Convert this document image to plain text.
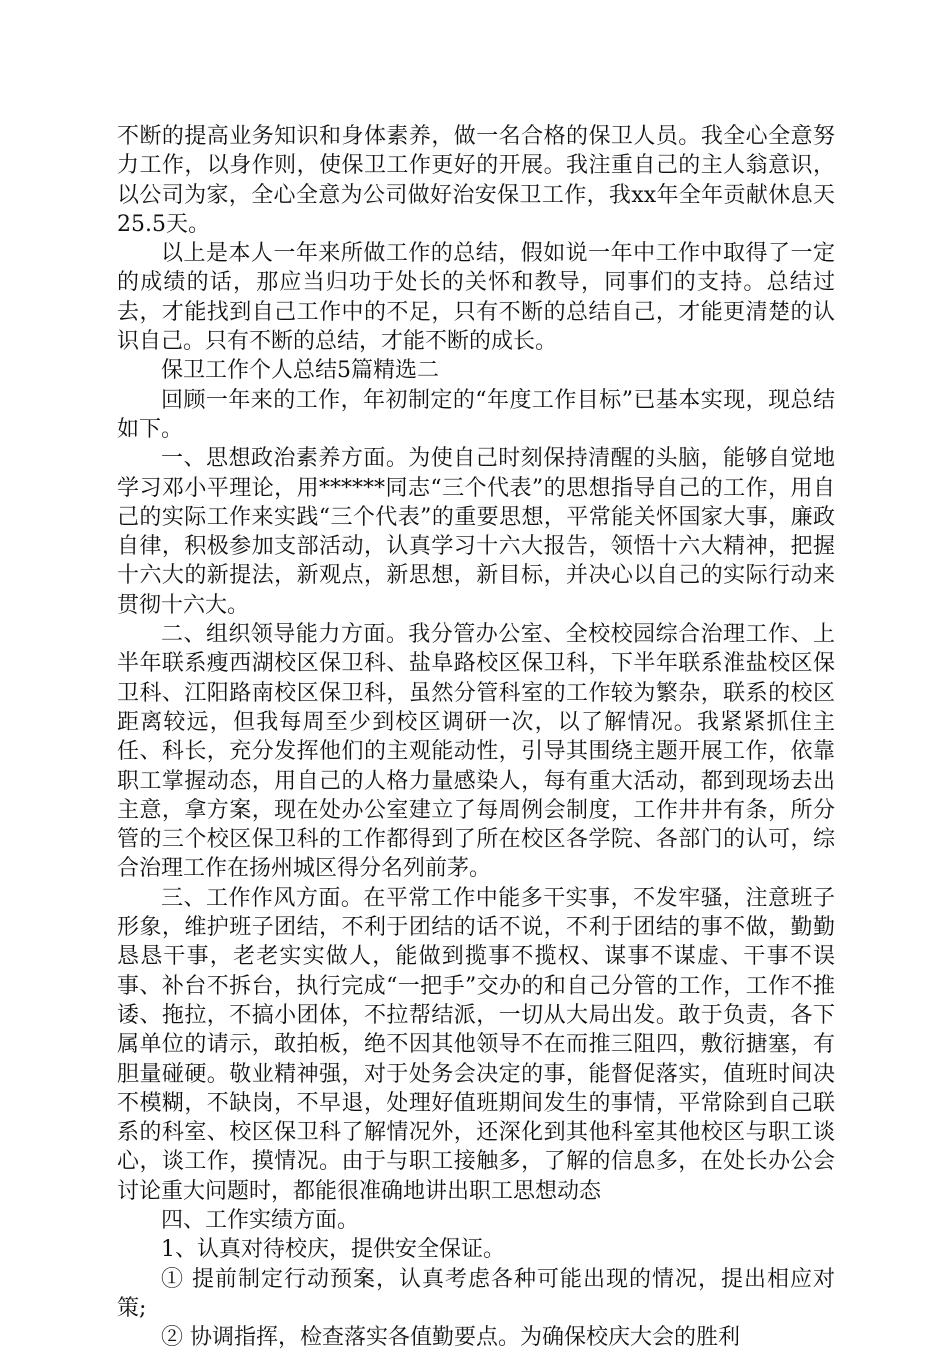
不断的提高业务知识和身体素养，做一名合格的保卫人员。我全心全意努力工作，以身作则，使保卫工作更好的开展。我注重自己的主人翁意识，以公司为家，全心全意为公司做好治安保卫工作，我xx年全年贡献休息天25.5天。

以上是本人一年来所做工作的总结，假如说一年中工作中取得了一定的成绩的话，那应当归功于处长的关怀和教导，同事们的支持。总结过去，才能找到自己工作中的不足，只有不断的总结自己，才能更清楚的认识自己。只有不断的总结，才能不断的成长。

保卫工作个人总结5篇精选二

回顾一年来的工作，年初制定的“年度工作目标”已基本实现，现总结如下。

一、思想政治素养方面。为使自己时刻保持清醒的头脑，能够自觉地学习邓小平理论，用******同志“三个代表”的思想指导自己的工作，用自己的实际工作来实践“三个代表”的重要思想，平常能关怀国家大事，廉政自律，积极参加支部活动，认真学习十六大报告，领悟十六大精神，把握十六大的新提法，新观点，新思想，新目标，并决心以自己的实际行动来贯彻十六大。

二、组织领导能力方面。我分管办公室、全校校园综合治理工作、上半年联系瘦西湖校区保卫科、盐阜路校区保卫科，下半年联系淮盐校区保卫科、江阳路南校区保卫科，虽然分管科室的工作较为繁杂，联系的校区距离较远，但我每周至少到校区调研一次，以了解情况。我紧紧抓住主任、科长，充分发挥他们的主观能动性，引导其围绕主题开展工作，依靠职工掌握动态，用自己的人格力量感染人，每有重大活动，都到现场去出主意，拿方案，现在处办公室建立了每周例会制度，工作井井有条，所分管的三个校区保卫科的工作都得到了所在校区各学院、各部门的认可，综合治理工作在扬州城区得分名列前茅。

三、工作作风方面。在平常工作中能多干实事，不发牢骚，注意班子形象，维护班子团结，不利于团结的话不说，不利于团结的事不做，勤勤恳恳干事，老老实实做人，能做到揽事不揽权、谋事不谋虚、干事不误事、补台不拆台，执行完成“一把手”交办的和自己分管的工作，工作不推诿、拖拉，不搞小团体，不拉帮结派，一切从大局出发。敢于负责，各下属单位的请示，敢拍板，绝不因其他领导不在而推三阻四，敷衍搪塞，有胆量碰硬。敬业精神强，对于处务会决定的事，能督促落实，值班时间决不模糊，不缺岗，不早退，处理好值班期间发生的事情，平常除到自己联系的科室、校区保卫科了解情况外，还深化到其他科室其他校区与职工谈心，谈工作，摸情况。由于与职工接触多，了解的信息多，在处长办公会讨论重大问题时，都能很准确地讲出职工思想动态

四、工作实绩方面。

1、认真对待校庆，提供安全保证。

① 提前制定行动预案，认真考虑各种可能出现的情况，提出相应对策;

② 协调指挥，检查落实各值勤要点。为确保校庆大会的胜利
